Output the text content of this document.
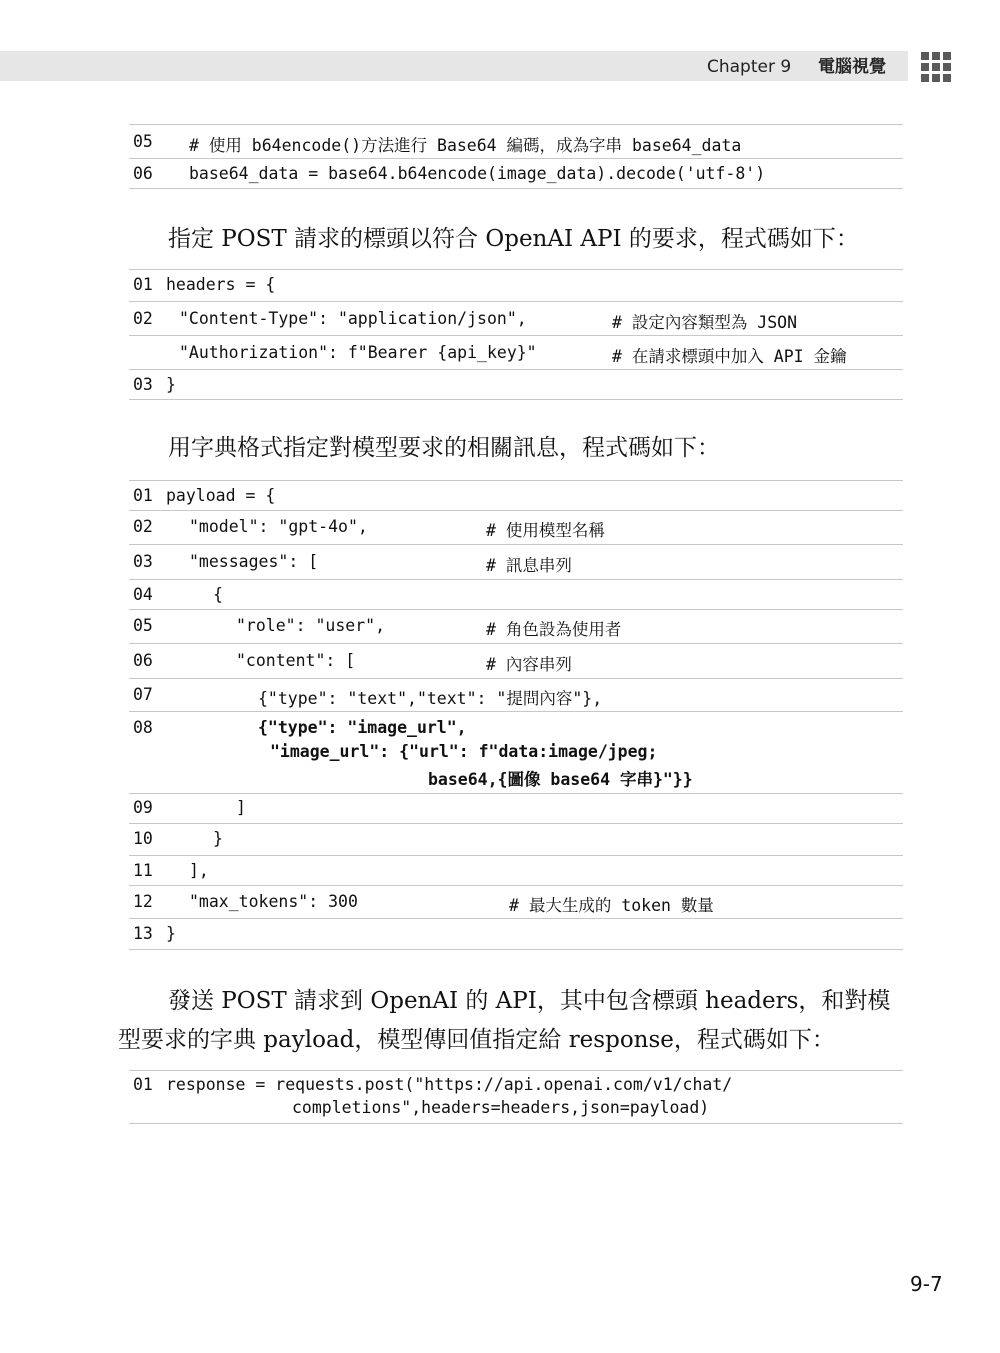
Chapter 9 電腦視覺

05

# 使用 b64encode()方法進行 Base64 編碼，成為字串 base64_data

06

base64_data = base64.b64encode(image_data).decode('utf-8')

指定 POST 請求的標頭以符合 OpenAI API 的要求，程式碼如下：

01

headers = {

02

"Content-Type": "application/json",

	# 設定內容類型為 JSON

"Authorization": f"Bearer {api_key}"

	# 在請求標頭中加入 API 金鑰

03

}

用字典格式指定對模型要求的相關訊息，程式碼如下：

01

payload = {

02

"model": "gpt-4o",

	# 使用模型名稱

03

"messages": [

	# 訊息串列

04

	{

05

	"role": "user",

	# 角色設為使用者

06

	"content": [

	# 內容串列

07

	{"type": "text","text": "提問內容"},

08

	{"type": "image_url",

"image_url": {"url": f"data:image/jpeg;

base64,{圖像 base64 字串}"}}

09

	]

10

	}

11

],

12

"max_tokens": 300

	# 最大生成的 token 數量

13

}

發送 POST 請求到 OpenAI 的 API，其中包含標頭 headers，和對模
型要求的字典 payload，模型傳回值指定給 response，程式碼如下：

01

response = requests.post("https://api.openai.com/v1/chat/

completions",headers=headers,json=payload)

9-7
